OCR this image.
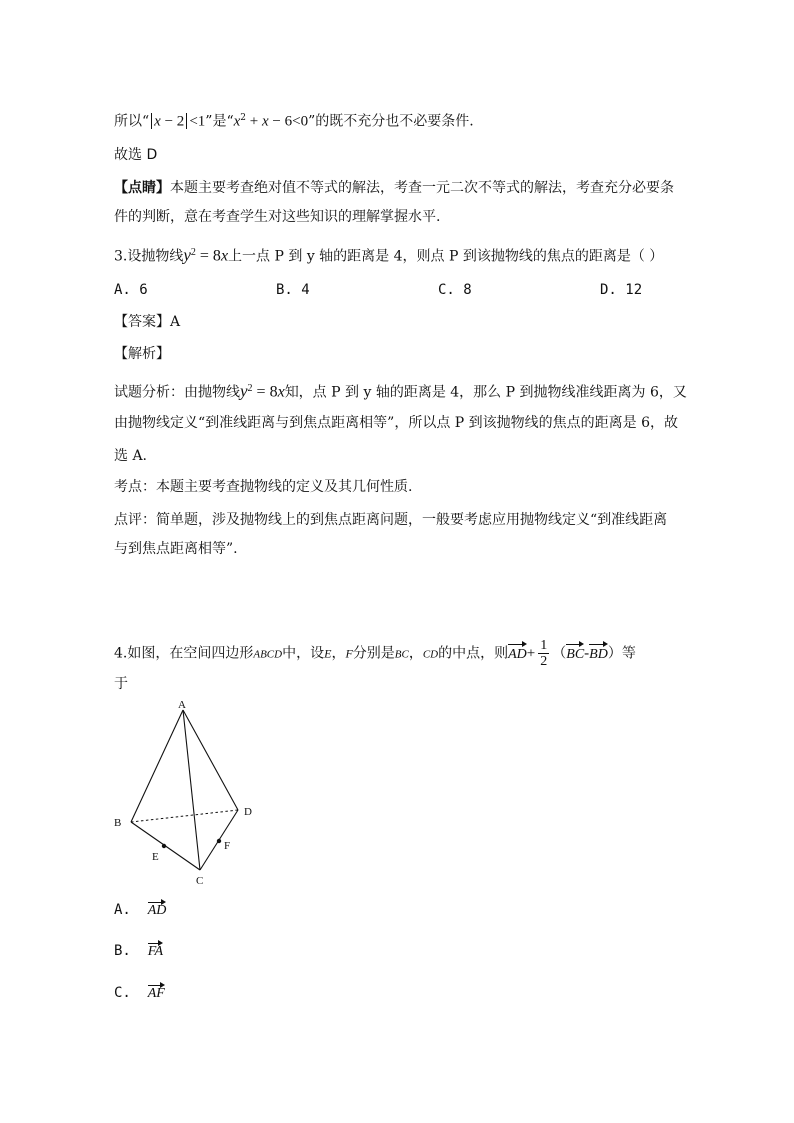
所以“ x − 2 <1”是“$x^2 + x - 6<0$”的既不充分也不必要条件.
故选 D
【点睛】本题主要考查绝对值不等式的解法，考查一元二次不等式的解法，考查充分必要条
件的判断，意在考查学生对这些知识的理解掌握水平.
3.设抛物线$y^2 = 8x$上一点 P 到 y 轴的距离是 4，则点 P 到该抛物线的焦点的距离是（ ）
A. 6	B. 4	C. 8	D. 12
【答案】A
【解析】
试题分析：由抛物线$y^2 = 8x$知，点 P 到 y 轴的距离是 4，那么 P 到抛物线准线距离为 6，又
由抛物线定义“到准线距离与到焦点距离相等”，所以点 P 到该抛物线的焦点的距离是 6，故
选 A.
考点：本题主要考查抛物线的定义及其几何性质.
点评：简单题，涉及抛物线上的到焦点距离问题，一般要考虑应用抛物线定义“到准线距离
与到焦点距离相等”.
4.如图，在空间四边形ABCD中，设E，F分别是BC，CD的中点，则$AD+ \frac{1}{2} (BC-BD)$等
于
A
B
C
D
E
F
A. AD
B. FA
C. AF
